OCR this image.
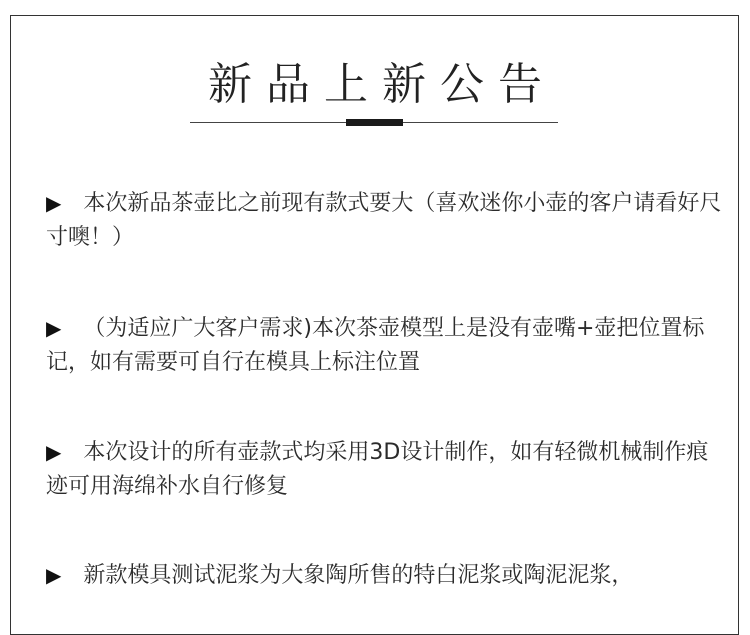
新品上新公告
▶ 本次新品茶壶比之前现有款式要大（喜欢迷你小壶的客户请看好尺寸噢！）
▶ （为适应广大客户需求)本次茶壶模型上是没有壶嘴+壶把位置标记，如有需要可自行在模具上标注位置
▶ 本次设计的所有壶款式均采用3D设计制作，如有轻微机械制作痕迹可用海绵补水自行修复
▶ 新款模具测试泥浆为大象陶所售的特白泥浆或陶泥泥浆，
